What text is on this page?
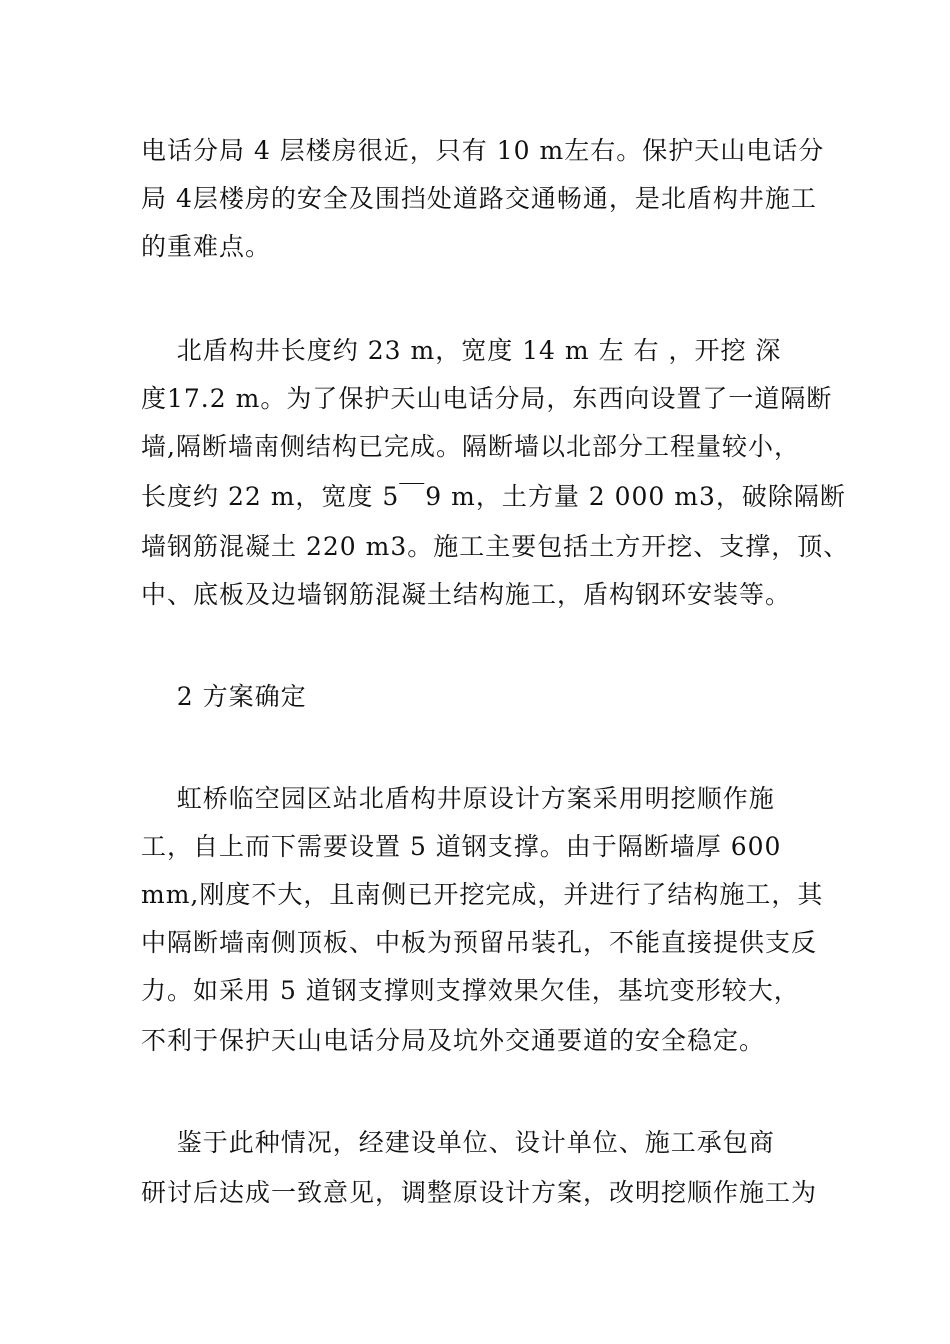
电话分局 4 层楼房很近，只有 10 m左右。保护天山电话分
局 4层楼房的安全及围挡处道路交通畅通，是北盾构井施工
的重难点。
北盾构井长度约 23 m，宽度 14 m 左 右 ，开挖 深
度17.2 m。为了保护天山电话分局，东西向设置了一道隔断
墙,隔断墙南侧结构已完成。隔断墙以北部分工程量较小，
长度约 22 m，宽度 5￣9 m，土方量 2 000 m3，破除隔断
墙钢筋混凝土 220 m3。施工主要包括土方开挖、支撑，顶、
中、底板及边墙钢筋混凝土结构施工，盾构钢环安装等。
2 方案确定
虹桥临空园区站北盾构井原设计方案采用明挖顺作施
工，自上而下需要设置 5 道钢支撑。由于隔断墙厚 600
mm,刚度不大，且南侧已开挖完成，并进行了结构施工，其
中隔断墙南侧顶板、中板为预留吊装孔，不能直接提供支反
力。如采用 5 道钢支撑则支撑效果欠佳，基坑变形较大，
不利于保护天山电话分局及坑外交通要道的安全稳定。
鉴于此种情况，经建设单位、设计单位、施工承包商
研讨后达成一致意见，调整原设计方案，改明挖顺作施工为
